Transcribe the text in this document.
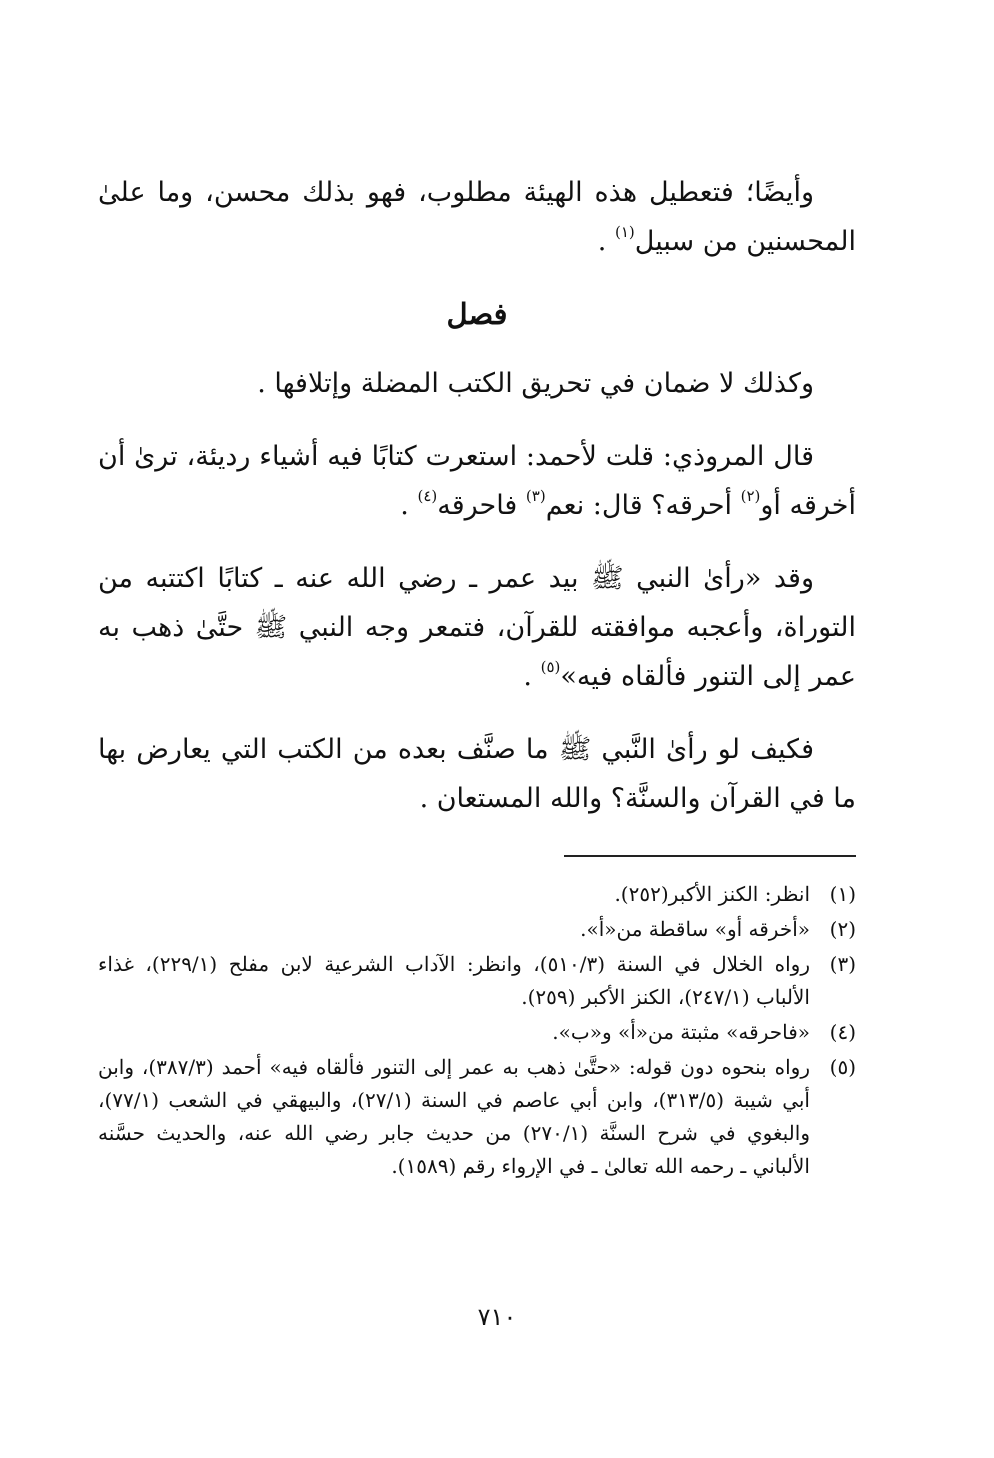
وأيضًا؛ فتعطيل هذه الهيئة مطلوب، فهو بذلك محسن، وما علىٰ المحسنين من سبيل$^{(١)}$ .

فصل

وكذلك لا ضمان في تحريق الكتب المضلة وإتلافها .

قال المروذي: قلت لأحمد: استعرت كتابًا فيه أشياء رديئة، ترىٰ أن أخرقه أو$^{(٢)}$ أحرقه؟ قال: نعم$^{(٣)}$ فاحرقه$^{(٤)}$ .

وقد «رأىٰ النبي ﷺ بيد عمر ـ رضي الله عنه ـ كتابًا اكتتبه من التوراة، وأعجبه موافقته للقرآن، فتمعر وجه النبي ﷺ حتَّىٰ ذهب به عمر إلى التنور فألقاه فيه»$^{(٥)}$ .

فكيف لو رأىٰ النَّبي ﷺ ما صنَّف بعده من الكتب التي يعارض بها ما في القرآن والسنَّة؟ والله المستعان .

(١)
انظر: الكنز الأكبر(٢٥٢).
(٢)
«أخرقه أو» ساقطة من«أ».
(٣)
رواه الخلال في السنة (٥١٠/٣)، وانظر: الآداب الشرعية لابن مفلح (٢٢٩/١)، غذاء الألباب (٢٤٧/١)، الكنز الأكبر (٢٥٩).
(٤)
«فاحرقه» مثبتة من«أ» و«ب».
(٥)
رواه بنحوه دون قوله: «حتَّىٰ ذهب به عمر إلى التنور فألقاه فيه» أحمد (٣٨٧/٣)، وابن أبي شيبة (٣١٣/٥)، وابن أبي عاصم في السنة (٢٧/١)، والبيهقي في الشعب (٧٧/١)، والبغوي في شرح السنَّة (٢٧٠/١) من حديث جابر رضي الله عنه، والحديث حسَّنه الألباني ـ رحمه الله تعالىٰ ـ في الإرواء رقم (١٥٨٩).
٧١٠
